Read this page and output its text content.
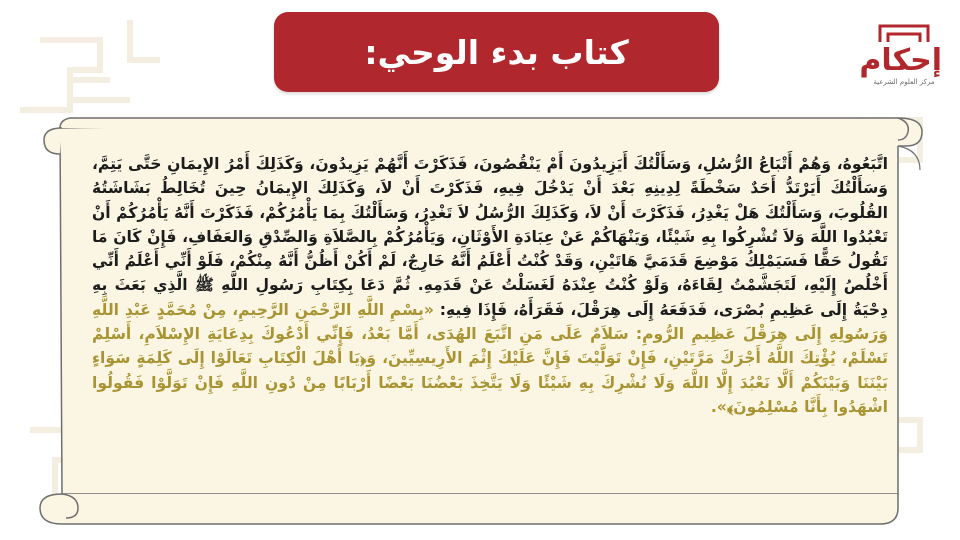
كتاب بدء الوحي:	إحكام
مركز العلوم الشرعية
اتَّبَعُوهُ، وَهُمْ أَتْبَاعُ الرُّسُلِ، وَسَأَلْتُكَ أَيَزِيدُونَ أَمْ يَنْقُصُونَ، فَذَكَرْتَ أَنَّهُمْ يَزِيدُونَ، وَكَذَلِكَ أَمْرُ الإِيمَانِ حَتَّى يَتِمَّ، وَسَأَلْتُكَ أَيَرْتَدُّ أَحَدٌ سَخْطَةً لِدِينِهِ بَعْدَ أَنْ يَدْخُلَ فِيهِ، فَذَكَرْتَ أَنْ لاَ، وَكَذَلِكَ الإِيمَانُ حِينَ تُخَالِطُ بَشَاشَتُهُ القُلُوبَ، وَسَأَلْتُكَ هَلْ يَغْدِرُ، فَذَكَرْتَ أَنْ لاَ، وَكَذَلِكَ الرُّسُلُ لاَ تَغْدِرُ، وَسَأَلْتُكَ بِمَا يَأْمُرُكُمْ، فَذَكَرْتَ أَنَّهُ يَأْمُرُكُمْ أَنْ تَعْبُدُوا اللَّهَ وَلاَ تُشْرِكُوا بِهِ شَيْئًا، وَيَنْهَاكُمْ عَنْ عِبَادَةِ الأَوْثَانِ، وَيَأْمُرُكُمْ بِالصَّلاَةِ وَالصِّدْقِ وَالعَفَافِ، فَإِنْ كَانَ مَا تَقُولُ حَقًّا فَسَيَمْلِكُ مَوْضِعَ قَدَمَيَّ هَاتَيْنِ، وَقَدْ كُنْتُ أَعْلَمُ أَنَّهُ خَارِجٌ، لَمْ أَكُنْ أَظُنُّ أَنَّهُ مِنْكُمْ، فَلَوْ أَنِّي أَعْلَمُ أَنِّي أَخْلُصُ إِلَيْهِ، لَتَجَشَّمْتُ لِقَاءَهُ، وَلَوْ كُنْتُ عِنْدَهُ لَغَسَلْتُ عَنْ قَدَمِهِ. ثُمَّ دَعَا بِكِتَابِ رَسُولِ اللَّهِ ﷺ الَّذِي بَعَثَ بِهِ دِحْيَةُ إِلَى عَظِيمِ بُصْرَى، فَدَفَعَهُ إِلَى هِرَقْلَ، فَقَرَأَهُ، فَإِذَا فِيهِ: «بِسْمِ اللَّهِ الرَّحْمَنِ الرَّحِيمِ، مِنْ مُحَمَّدٍ عَبْدِ اللَّهِ وَرَسُولِهِ إِلَى هِرَقْلَ عَظِيمِ الرُّومِ: سَلاَمٌ عَلَى مَنِ اتَّبَعَ الهُدَى، أَمَّا بَعْدُ، فَإِنِّي أَدْعُوكَ بِدِعَايَةِ الإِسْلاَمِ، أَسْلِمْ تَسْلَمْ، يُؤْتِكَ اللَّهُ أَجْرَكَ مَرَّتَيْنِ، فَإِنْ تَوَلَّيْتَ فَإِنَّ عَلَيْكَ إِثْمَ الأَرِيسِيِّينَ، وَ﴿يَا أَهْلَ الْكِتَابِ تَعَالَوْا إِلَى كَلِمَةٍ سَوَاءٍ بَيْنَنَا وَبَيْنَكُمْ أَلَّا نَعْبُدَ إِلَّا اللَّهَ وَلَا نُشْرِكَ بِهِ شَيْئًا وَلَا يَتَّخِذَ بَعْضُنَا بَعْضًا أَرْبَابًا مِنْ دُونِ اللَّهِ فَإِنْ تَوَلَّوْا فَقُولُوا اشْهَدُوا بِأَنَّا مُسْلِمُونَ﴾».
